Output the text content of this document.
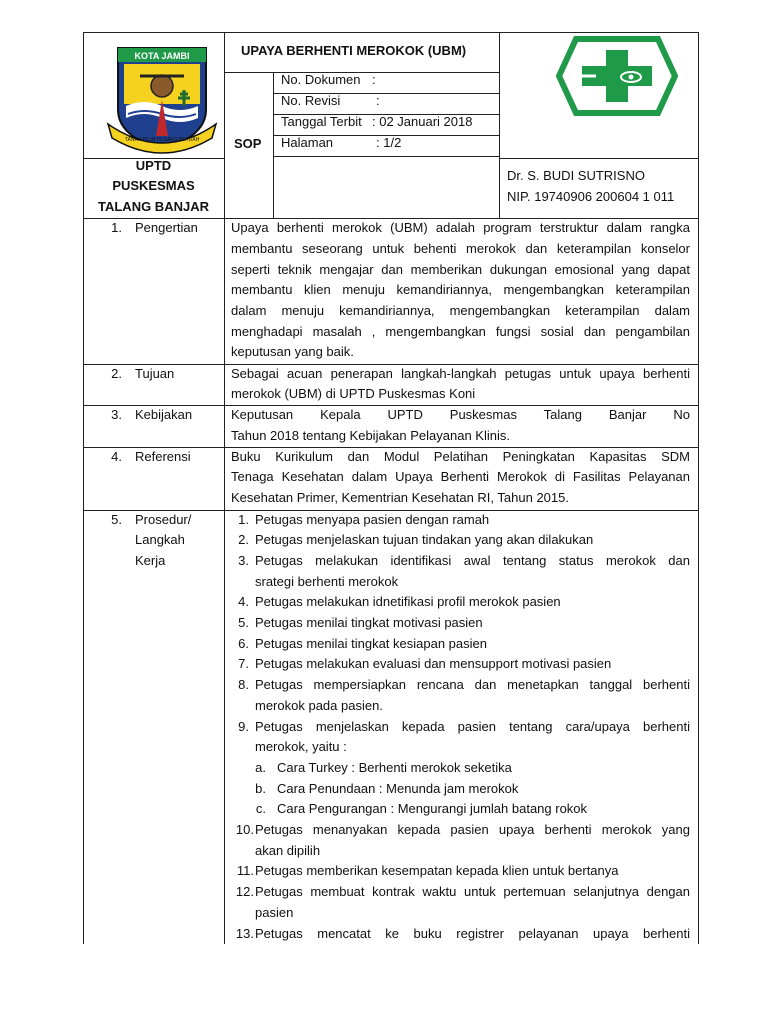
KOTA JAMBI
TANAH PILIH PUSAKO BETUAH
UPAYA BERHENTI MEROKOK (UBM)
SOP
No. Dokumen :
No. Revisi	:
Tanggal Terbit : 02 Januari 2018
Halaman	: 1/2
UPTD
PUSKESMAS
TALANG BANJAR
Dr. S. BUDI SUTRISNO
NIP. 19740906 200604 1 011
1. Pengertian	Upaya berhenti merokok (UBM) adalah program terstruktur dalam rangka
membantu seseorang untuk behenti merokok dan keterampilan konselor
seperti teknik mengajar dan memberikan dukungan emosional yang dapat
membantu klien menuju kemandiriannya, mengembangkan keterampilan
dalam menuju kemandiriannya, mengembangkan keterampilan dalam
menghadapi masalah , mengembangkan fungsi sosial dan pengambilan
keputusan yang baik.
2. Tujuan	Sebagai acuan penerapan langkah-langkah petugas untuk upaya berhenti
merokok (UBM) di UPTD Puskesmas Koni
3. Kebijakan	Keputusan Kepala UPTD Puskesmas Talang Banjar No
Tahun 2018 tentang Kebijakan Pelayanan Klinis.
4. Referensi	Buku Kurikulum dan Modul Pelatihan Peningkatan Kapasitas SDM
Tenaga Kesehatan dalam Upaya Berhenti Merokok di Fasilitas Pelayanan
Kesehatan Primer, Kementrian Kesehatan RI, Tahun 2015.
5. Prosedur/
Langkah
Kerja
1. Petugas menyapa pasien dengan ramah
2. Petugas menjelaskan tujuan tindakan yang akan dilakukan
3. Petugas melakukan identifikasi awal tentang status merokok dan
srategi berhenti merokok
4. Petugas melakukan idnetifikasi profil merokok pasien
5. Petugas menilai tingkat motivasi pasien
6. Petugas menilai tingkat kesiapan pasien
7. Petugas melakukan evaluasi dan mensupport motivasi pasien
8. Petugas mempersiapkan rencana dan menetapkan tanggal berhenti
merokok pada pasien.
9. Petugas menjelaskan kepada pasien tentang cara/upaya berhenti
merokok, yaitu :
a. Cara Turkey : Berhenti merokok seketika
b. Cara Penundaan : Menunda jam merokok
c. Cara Pengurangan : Mengurangi jumlah batang rokok
10. Petugas menanyakan kepada pasien upaya berhenti merokok yang
akan dipilih
11. Petugas memberikan kesempatan kepada klien untuk bertanya
12. Petugas membuat kontrak waktu untuk pertemuan selanjutnya dengan
pasien
13. Petugas mencatat ke buku registrer pelayanan upaya berhenti
